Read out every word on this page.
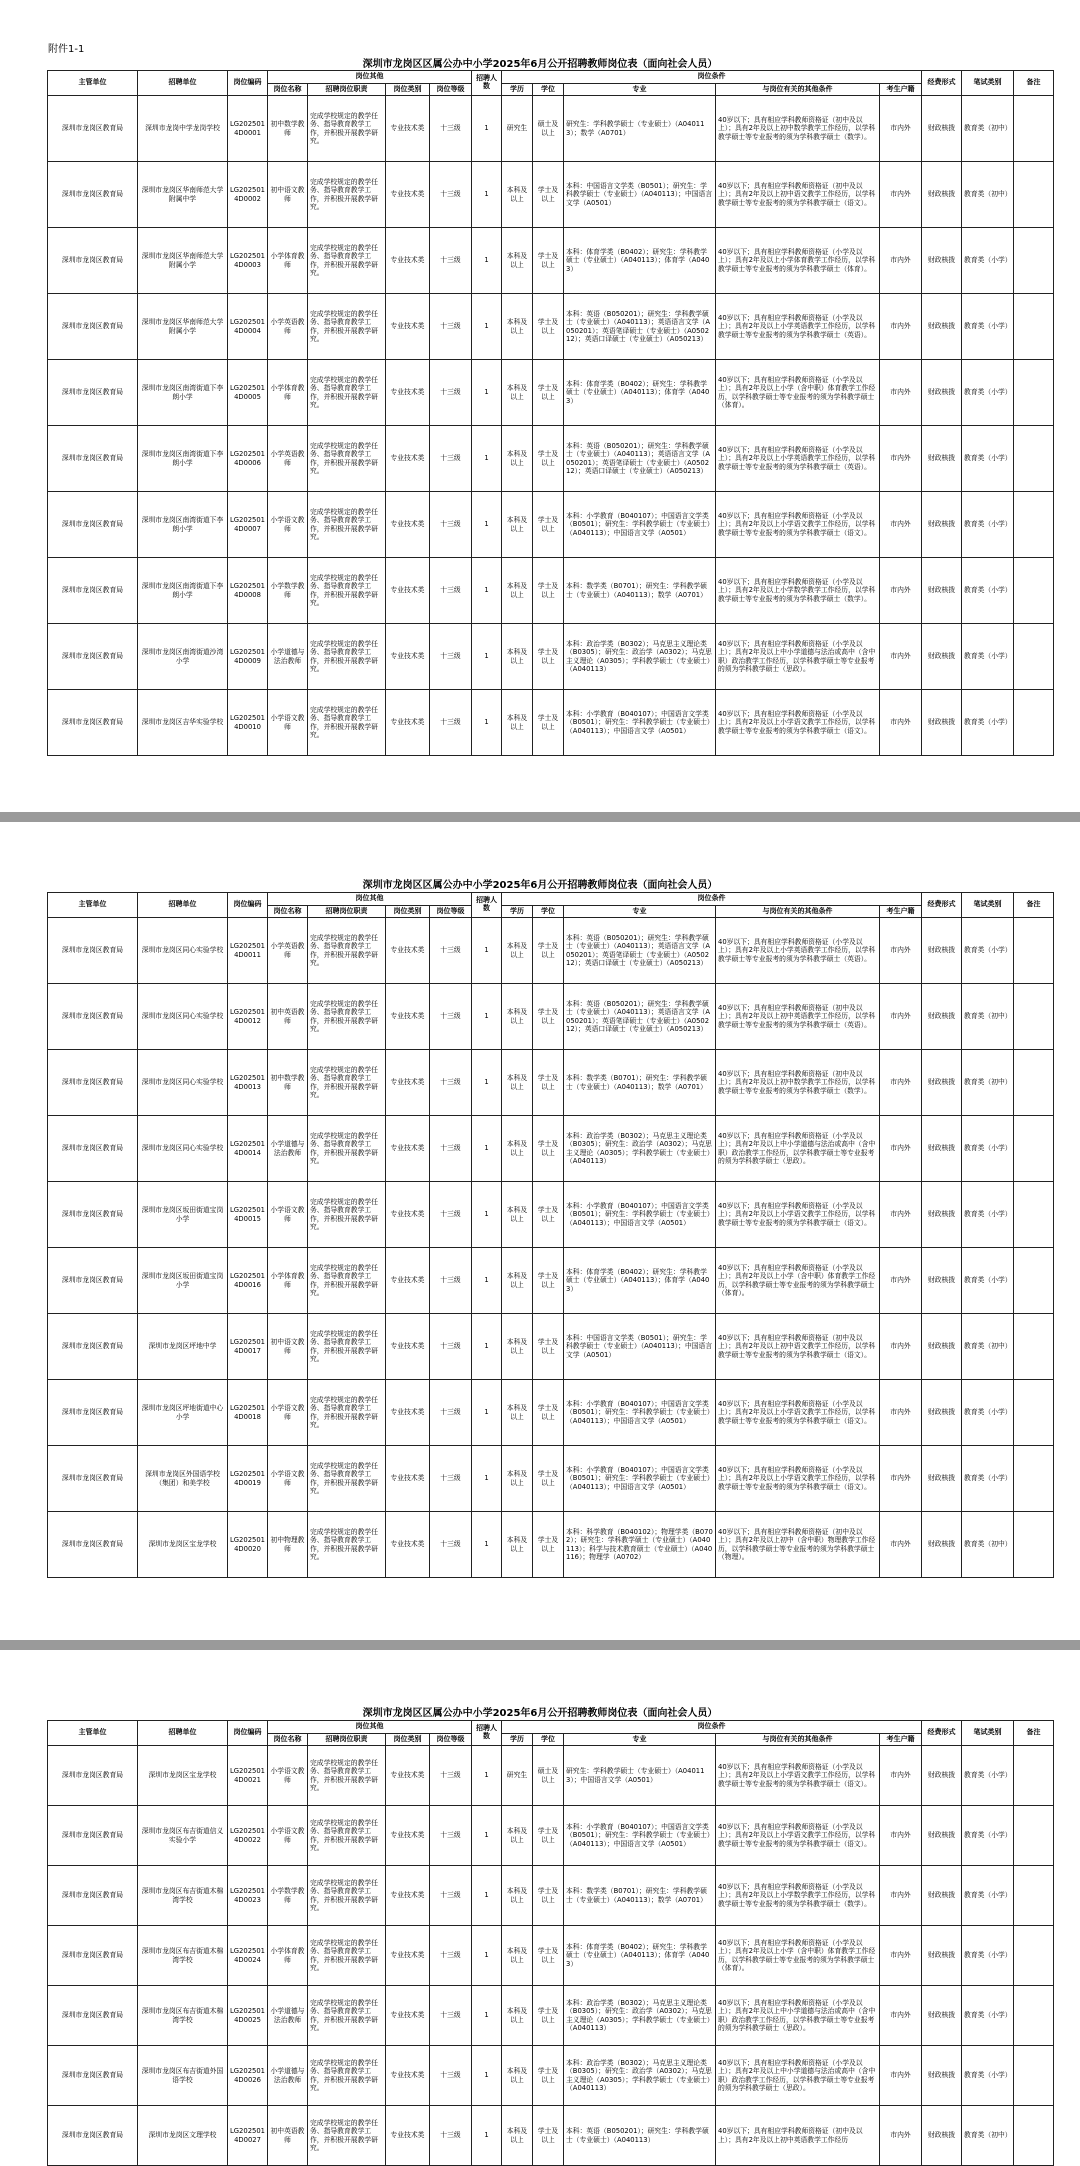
附件1-1
深圳市龙岗区区属公办中小学2025年6月公开招聘教师岗位表（面向社会人员）
主管单位	招聘单位	岗位编码	岗位其他				招聘人数	岗位条件					经费形式	笔试类别	备注
			岗位名称	招聘岗位职责	岗位类别	岗位等级		学历	学位	专业	与岗位有关的其他条件	考生户籍			
深圳市龙岗区教育局	深圳市龙岗中学龙岗学校	LG2025014D0001	初中数学教师	完成学校规定的教学任务、指导教育教学工作，并积极开展教学研究。	专业技术类	十三级	1	研究生	硕士及以上	研究生：学科教学硕士（专业硕士）（A040113）；数学（A0701）	40岁以下；具有相应学科教师资格证（初中及以上）；具有2年及以上初中数学教学工作经历，以学科教学硕士等专业报考的须为学科教学硕士（数学）。	市内外	财政核拨	教育类（初中）	
深圳市龙岗区教育局	深圳市龙岗区华南师范大学附属中学	LG2025014D0002	初中语文教师	完成学校规定的教学任务、指导教育教学工作，并积极开展教学研究。	专业技术类	十三级	1	本科及以上	学士及以上	本科：中国语言文学类（B0501）；研究生：学科教学硕士（专业硕士）（A040113）；中国语言文学（A0501）	40岁以下；具有相应学科教师资格证（初中及以上）；具有2年及以上初中语文教学工作经历，以学科教学硕士等专业报考的须为学科教学硕士（语文）。	市内外	财政核拨	教育类（初中）	
深圳市龙岗区教育局	深圳市龙岗区华南师范大学附属小学	LG2025014D0003	小学体育教师	完成学校规定的教学任务、指导教育教学工作，并积极开展教学研究。	专业技术类	十三级	1	本科及以上	学士及以上	本科：体育学类（B0402）；研究生：学科教学硕士（专业硕士）（A040113）；体育学（A0403）	40岁以下；具有相应学科教师资格证（小学及以上）；具有2年及以上小学体育教学工作经历，以学科教学硕士等专业报考的须为学科教学硕士（体育）。	市内外	财政核拨	教育类（小学）	
深圳市龙岗区教育局	深圳市龙岗区华南师范大学附属小学	LG2025014D0004	小学英语教师	完成学校规定的教学任务、指导教育教学工作，并积极开展教学研究。	专业技术类	十三级	1	本科及以上	学士及以上	本科：英语（B050201）；研究生：学科教学硕士（专业硕士）（A040113）；英语语言文学（A050201）；英语笔译硕士（专业硕士）（A050212）；英语口译硕士（专业硕士）（A050213）	40岁以下；具有相应学科教师资格证（小学及以上）；具有2年及以上小学英语教学工作经历，以学科教学硕士等专业报考的须为学科教学硕士（英语）。	市内外	财政核拨	教育类（小学）	
深圳市龙岗区教育局	深圳市龙岗区南湾街道下李朗小学	LG2025014D0005	小学体育教师	完成学校规定的教学任务、指导教育教学工作，并积极开展教学研究。	专业技术类	十三级	1	本科及以上	学士及以上	本科：体育学类（B0402）；研究生：学科教学硕士（专业硕士）（A040113）；体育学（A0403）	40岁以下；具有相应学科教师资格证（小学及以上）；具有2年及以上小学（含中职）体育教学工作经历，以学科教学硕士等专业报考的须为学科教学硕士（体育）。	市内外	财政核拨	教育类（小学）	
深圳市龙岗区教育局	深圳市龙岗区南湾街道下李朗小学	LG2025014D0006	小学英语教师	完成学校规定的教学任务、指导教育教学工作，并积极开展教学研究。	专业技术类	十三级	1	本科及以上	学士及以上	本科：英语（B050201）；研究生：学科教学硕士（专业硕士）（A040113）；英语语言文学（A050201）；英语笔译硕士（专业硕士）（A050212）；英语口译硕士（专业硕士）（A050213）	40岁以下；具有相应学科教师资格证（小学及以上）；具有2年及以上小学英语教学工作经历，以学科教学硕士等专业报考的须为学科教学硕士（英语）。	市内外	财政核拨	教育类（小学）	
深圳市龙岗区教育局	深圳市龙岗区南湾街道下李朗小学	LG2025014D0007	小学语文教师	完成学校规定的教学任务、指导教育教学工作，并积极开展教学研究。	专业技术类	十三级	1	本科及以上	学士及以上	本科：小学教育（B040107）；中国语言文学类（B0501）；研究生：学科教学硕士（专业硕士）（A040113）；中国语言文学（A0501）	40岁以下；具有相应学科教师资格证（小学及以上）；具有2年及以上小学语文教学工作经历，以学科教学硕士等专业报考的须为学科教学硕士（语文）。	市内外	财政核拨	教育类（小学）	
深圳市龙岗区教育局	深圳市龙岗区南湾街道下李朗小学	LG2025014D0008	小学数学教师	完成学校规定的教学任务、指导教育教学工作，并积极开展教学研究。	专业技术类	十三级	1	本科及以上	学士及以上	本科：数学类（B0701）；研究生：学科教学硕士（专业硕士）（A040113）；数学（A0701）	40岁以下；具有相应学科教师资格证（小学及以上）；具有2年及以上小学数学教学工作经历，以学科教学硕士等专业报考的须为学科教学硕士（数学）。	市内外	财政核拨	教育类（小学）	
深圳市龙岗区教育局	深圳市龙岗区南湾街道沙湾小学	LG2025014D0009	小学道德与法治教师	完成学校规定的教学任务、指导教育教学工作，并积极开展教学研究。	专业技术类	十三级	1	本科及以上	学士及以上	本科：政治学类（B0302）；马克思主义理论类（B0305）；研究生：政治学（A0302）；马克思主义理论（A0305）；学科教学硕士（专业硕士）（A040113）	40岁以下；具有相应学科教师资格证（小学及以上）；具有2年及以上中小学道德与法治或高中（含中职）政治教学工作经历，以学科教学硕士等专业报考的须为学科教学硕士（思政）。	市内外	财政核拨	教育类（小学）	
深圳市龙岗区教育局	深圳市龙岗区吉华实验学校	LG2025014D0010	小学语文教师	完成学校规定的教学任务、指导教育教学工作，并积极开展教学研究。	专业技术类	十三级	1	本科及以上	学士及以上	本科：小学教育（B040107）；中国语言文学类（B0501）；研究生：学科教学硕士（专业硕士）（A040113）；中国语言文学（A0501）	40岁以下；具有相应学科教师资格证（小学及以上）；具有2年及以上小学语文教学工作经历，以学科教学硕士等专业报考的须为学科教学硕士（语文）。	市内外	财政核拨	教育类（小学）	
深圳市龙岗区区属公办中小学2025年6月公开招聘教师岗位表（面向社会人员）
主管单位	招聘单位	岗位编码	岗位其他				招聘人数	岗位条件					经费形式	笔试类别	备注
			岗位名称	招聘岗位职责	岗位类别	岗位等级		学历	学位	专业	与岗位有关的其他条件	考生户籍			
深圳市龙岗区教育局	深圳市龙岗区同心实验学校	LG2025014D0011	小学英语教师	完成学校规定的教学任务、指导教育教学工作，并积极开展教学研究。	专业技术类	十三级	1	本科及以上	学士及以上	本科：英语（B050201）；研究生：学科教学硕士（专业硕士）（A040113）；英语语言文学（A050201）；英语笔译硕士（专业硕士）（A050212）；英语口译硕士（专业硕士）（A050213）	40岁以下；具有相应学科教师资格证（小学及以上）；具有2年及以上小学英语教学工作经历，以学科教学硕士等专业报考的须为学科教学硕士（英语）。	市内外	财政核拨	教育类（小学）	
深圳市龙岗区教育局	深圳市龙岗区同心实验学校	LG2025014D0012	初中英语教师	完成学校规定的教学任务、指导教育教学工作，并积极开展教学研究。	专业技术类	十三级	1	本科及以上	学士及以上	本科：英语（B050201）；研究生：学科教学硕士（专业硕士）（A040113）；英语语言文学（A050201）；英语笔译硕士（专业硕士）（A050212）；英语口译硕士（专业硕士）（A050213）	40岁以下；具有相应学科教师资格证（初中及以上）；具有2年及以上初中英语教学工作经历，以学科教学硕士等专业报考的须为学科教学硕士（英语）。	市内外	财政核拨	教育类（初中）	
深圳市龙岗区教育局	深圳市龙岗区同心实验学校	LG2025014D0013	初中数学教师	完成学校规定的教学任务、指导教育教学工作，并积极开展教学研究。	专业技术类	十三级	1	本科及以上	学士及以上	本科：数学类（B0701）；研究生：学科教学硕士（专业硕士）（A040113）；数学（A0701）	40岁以下；具有相应学科教师资格证（初中及以上）；具有2年及以上初中数学教学工作经历，以学科教学硕士等专业报考的须为学科教学硕士（数学）。	市内外	财政核拨	教育类（初中）	
深圳市龙岗区教育局	深圳市龙岗区同心实验学校	LG2025014D0014	小学道德与法治教师	完成学校规定的教学任务、指导教育教学工作，并积极开展教学研究。	专业技术类	十三级	1	本科及以上	学士及以上	本科：政治学类（B0302）；马克思主义理论类（B0305）；研究生：政治学（A0302）；马克思主义理论（A0305）；学科教学硕士（专业硕士）（A040113）	40岁以下；具有相应学科教师资格证（小学及以上）；具有2年及以上中小学道德与法治或高中（含中职）政治教学工作经历，以学科教学硕士等专业报考的须为学科教学硕士（思政）。	市内外	财政核拨	教育类（小学）	
深圳市龙岗区教育局	深圳市龙岗区坂田街道宝岗小学	LG2025014D0015	小学语文教师	完成学校规定的教学任务、指导教育教学工作，并积极开展教学研究。	专业技术类	十三级	1	本科及以上	学士及以上	本科：小学教育（B040107）；中国语言文学类（B0501）；研究生：学科教学硕士（专业硕士）（A040113）；中国语言文学（A0501）	40岁以下；具有相应学科教师资格证（小学及以上）；具有2年及以上小学语文教学工作经历，以学科教学硕士等专业报考的须为学科教学硕士（语文）。	市内外	财政核拨	教育类（小学）	
深圳市龙岗区教育局	深圳市龙岗区坂田街道宝岗小学	LG2025014D0016	小学体育教师	完成学校规定的教学任务、指导教育教学工作，并积极开展教学研究。	专业技术类	十三级	1	本科及以上	学士及以上	本科：体育学类（B0402）；研究生：学科教学硕士（专业硕士）（A040113）；体育学（A0403）	40岁以下；具有相应学科教师资格证（小学及以上）；具有2年及以上小学（含中职）体育教学工作经历，以学科教学硕士等专业报考的须为学科教学硕士（体育）。	市内外	财政核拨	教育类（小学）	
深圳市龙岗区教育局	深圳市龙岗区坪地中学	LG2025014D0017	初中语文教师	完成学校规定的教学任务、指导教育教学工作，并积极开展教学研究。	专业技术类	十三级	1	本科及以上	学士及以上	本科：中国语言文学类（B0501）；研究生：学科教学硕士（专业硕士）（A040113）；中国语言文学（A0501）	40岁以下；具有相应学科教师资格证（初中及以上）；具有2年及以上初中语文教学工作经历，以学科教学硕士等专业报考的须为学科教学硕士（语文）。	市内外	财政核拨	教育类（初中）	
深圳市龙岗区教育局	深圳市龙岗区坪地街道中心小学	LG2025014D0018	小学语文教师	完成学校规定的教学任务、指导教育教学工作，并积极开展教学研究。	专业技术类	十三级	1	本科及以上	学士及以上	本科：小学教育（B040107）；中国语言文学类（B0501）；研究生：学科教学硕士（专业硕士）（A040113）；中国语言文学（A0501）	40岁以下；具有相应学科教师资格证（小学及以上）；具有2年及以上小学语文教学工作经历，以学科教学硕士等专业报考的须为学科教学硕士（语文）。	市内外	财政核拨	教育类（小学）	
深圳市龙岗区教育局	深圳市龙岗区外国语学校（集团）和美学校	LG2025014D0019	小学语文教师	完成学校规定的教学任务、指导教育教学工作，并积极开展教学研究。	专业技术类	十三级	1	本科及以上	学士及以上	本科：小学教育（B040107）；中国语言文学类（B0501）；研究生：学科教学硕士（专业硕士）（A040113）；中国语言文学（A0501）	40岁以下；具有相应学科教师资格证（小学及以上）；具有2年及以上小学语文教学工作经历，以学科教学硕士等专业报考的须为学科教学硕士（语文）。	市内外	财政核拨	教育类（小学）	
深圳市龙岗区教育局	深圳市龙岗区宝龙学校	LG2025014D0020	初中物理教师	完成学校规定的教学任务、指导教育教学工作，并积极开展教学研究。	专业技术类	十三级	1	本科及以上	学士及以上	本科：科学教育（B040102）；物理学类（B0702）；研究生：学科教学硕士（专业硕士）（A040113）；科学与技术教育硕士（专业硕士）（A040116）；物理学（A0702）	40岁以下；具有相应学科教师资格证（初中及以上）；具有2年及以上初中（含中职）物理教学工作经历，以学科教学硕士等专业报考的须为学科教学硕士（物理）。	市内外	财政核拨	教育类（初中）	
深圳市龙岗区区属公办中小学2025年6月公开招聘教师岗位表（面向社会人员）
主管单位	招聘单位	岗位编码	岗位其他				招聘人数	岗位条件					经费形式	笔试类别	备注
			岗位名称	招聘岗位职责	岗位类别	岗位等级		学历	学位	专业	与岗位有关的其他条件	考生户籍			
深圳市龙岗区教育局	深圳市龙岗区宝龙学校	LG2025014D0021	小学语文教师	完成学校规定的教学任务、指导教育教学工作，并积极开展教学研究。	专业技术类	十三级	1	研究生	硕士及以上	研究生：学科教学硕士（专业硕士）（A040113）；中国语言文学（A0501）	40岁以下；具有相应学科教师资格证（小学及以上）；具有2年及以上小学语文教学工作经历，以学科教学硕士等专业报考的须为学科教学硕士（语文）。	市内外	财政核拨	教育类（小学）	
深圳市龙岗区教育局	深圳市龙岗区布吉街道信义实验小学	LG2025014D0022	小学语文教师	完成学校规定的教学任务、指导教育教学工作，并积极开展教学研究。	专业技术类	十三级	1	本科及以上	学士及以上	本科：小学教育（B040107）；中国语言文学类（B0501）；研究生：学科教学硕士（专业硕士）（A040113）；中国语言文学（A0501）	40岁以下；具有相应学科教师资格证（小学及以上）；具有2年及以上小学语文教学工作经历，以学科教学硕士等专业报考的须为学科教学硕士（语文）。	市内外	财政核拨	教育类（小学）	
深圳市龙岗区教育局	深圳市龙岗区布吉街道木棉湾学校	LG2025014D0023	小学数学教师	完成学校规定的教学任务、指导教育教学工作，并积极开展教学研究。	专业技术类	十三级	1	本科及以上	学士及以上	本科：数学类（B0701）；研究生：学科教学硕士（专业硕士）（A040113）；数学（A0701）	40岁以下；具有相应学科教师资格证（小学及以上）；具有2年及以上小学数学教学工作经历，以学科教学硕士等专业报考的须为学科教学硕士（数学）。	市内外	财政核拨	教育类（小学）	
深圳市龙岗区教育局	深圳市龙岗区布吉街道木棉湾学校	LG2025014D0024	小学体育教师	完成学校规定的教学任务、指导教育教学工作，并积极开展教学研究。	专业技术类	十三级	1	本科及以上	学士及以上	本科：体育学类（B0402）；研究生：学科教学硕士（专业硕士）（A040113）；体育学（A0403）	40岁以下；具有相应学科教师资格证（小学及以上）；具有2年及以上小学（含中职）体育教学工作经历，以学科教学硕士等专业报考的须为学科教学硕士（体育）。	市内外	财政核拨	教育类（小学）	
深圳市龙岗区教育局	深圳市龙岗区布吉街道木棉湾学校	LG2025014D0025	小学道德与法治教师	完成学校规定的教学任务、指导教育教学工作，并积极开展教学研究。	专业技术类	十三级	1	本科及以上	学士及以上	本科：政治学类（B0302）；马克思主义理论类（B0305）；研究生：政治学（A0302）；马克思主义理论（A0305）；学科教学硕士（专业硕士）（A040113）	40岁以下；具有相应学科教师资格证（小学及以上）；具有2年及以上中小学道德与法治或高中（含中职）政治教学工作经历，以学科教学硕士等专业报考的须为学科教学硕士（思政）。	市内外	财政核拨	教育类（小学）	
深圳市龙岗区教育局	深圳市龙岗区布吉街道外国语学校	LG2025014D0026	小学道德与法治教师	完成学校规定的教学任务、指导教育教学工作，并积极开展教学研究。	专业技术类	十三级	1	本科及以上	学士及以上	本科：政治学类（B0302）；马克思主义理论类（B0305）；研究生：政治学（A0302）；马克思主义理论（A0305）；学科教学硕士（专业硕士）（A040113）	40岁以下；具有相应学科教师资格证（小学及以上）；具有2年及以上中小学道德与法治或高中（含中职）政治教学工作经历，以学科教学硕士等专业报考的须为学科教学硕士（思政）。	市内外	财政核拨	教育类（小学）	
深圳市龙岗区教育局	深圳市龙岗区文理学校	LG2025014D0027	初中英语教师	完成学校规定的教学任务、指导教育教学工作，并积极开展教学研究。	专业技术类	十三级	1	本科及以上	学士及以上	本科：英语（B050201）；研究生：学科教学硕士（专业硕士）（A040113）	40岁以下；具有相应学科教师资格证（初中及以上）；具有2年及以上初中英语教学工作经历	市内外	财政核拨	教育类（初中）	
